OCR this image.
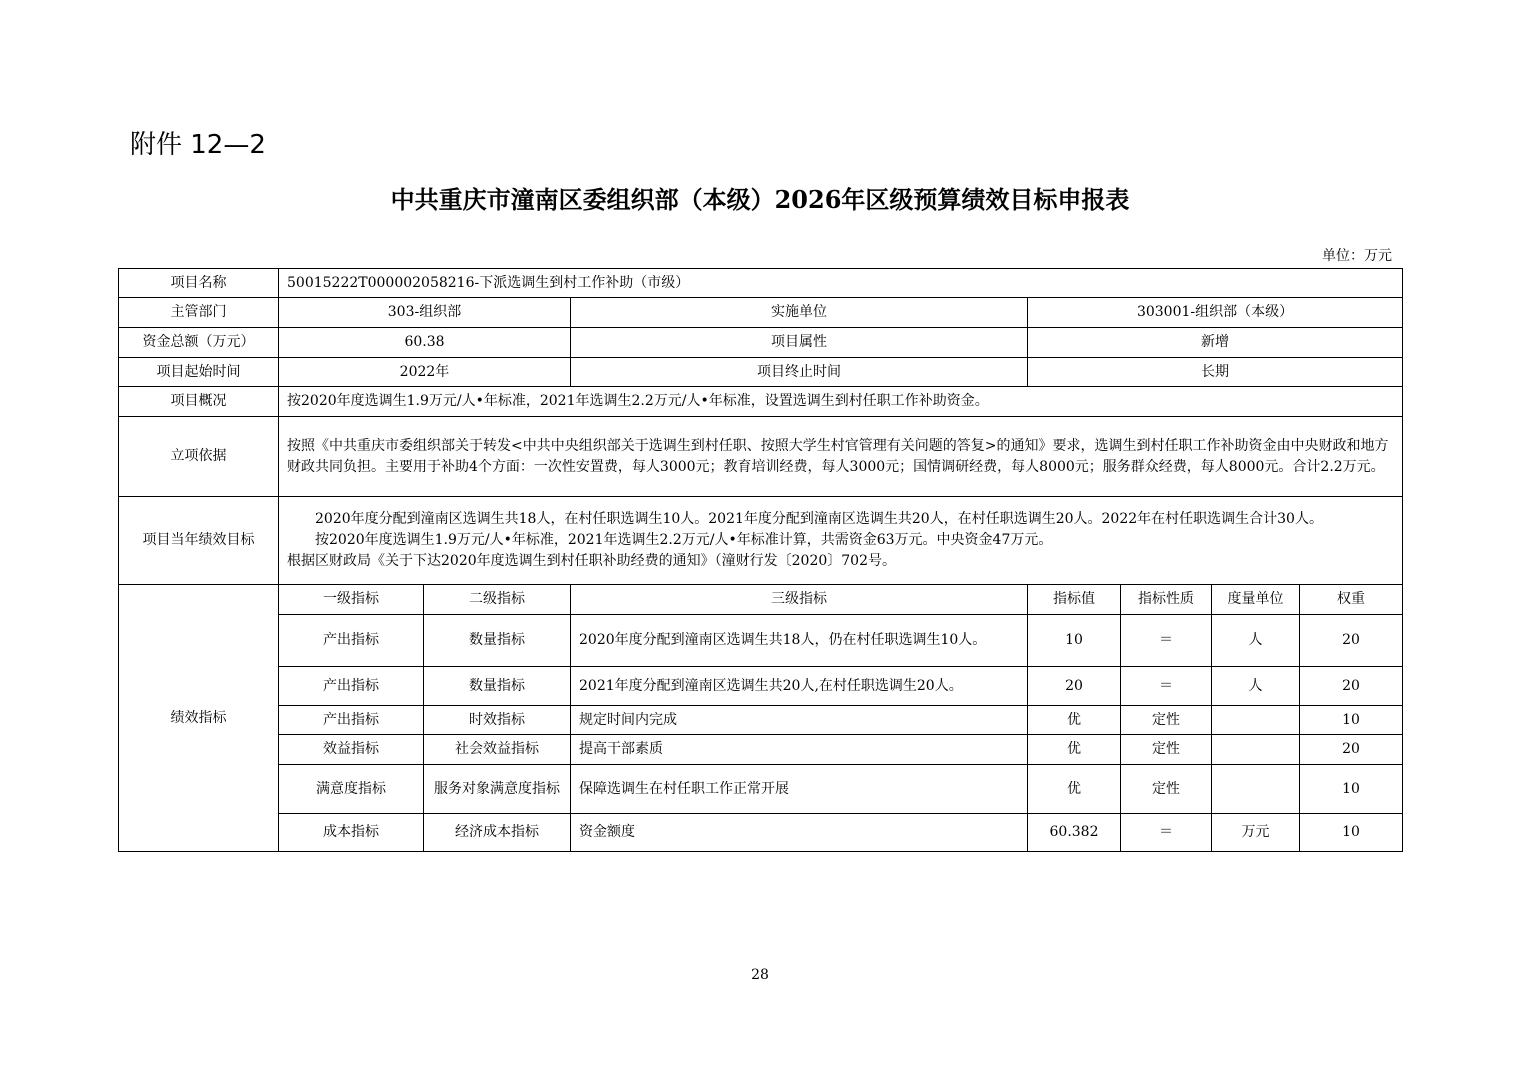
附件 12—2
中共重庆市潼南区委组织部（本级）2026年区级预算绩效目标申报表
单位：万元
项目名称	50015222T000002058216-下派选调生到村工作补助（市级）						
主管部门	303-组织部		实施单位	303001-组织部（本级）			
资金总额（万元）	60.38		项目属性	新增			
项目起始时间	2022年		项目终止时间	长期			
项目概况	按2020年度选调生1.9万元/人•年标准，2021年选调生2.2万元/人•年标准，设置选调生到村任职工作补助资金。						
立项依据	按照《中共重庆市委组织部关于转发<中共中央组织部关于选调生到村任职、按照大学生村官管理有关问题的答复>的通知》要求，选调生到村任职工作补助资金由中央财政和地方财政共同负担。主要用于补助4个方面：一次性安置费，每人3000元；教育培训经费，每人3000元；国情调研经费，每人8000元；服务群众经费，每人8000元。合计2.2万元。						
项目当年绩效目标	2020年度分配到潼南区选调生共18人，在村任职选调生10人。2021年度分配到潼南区选调生共20人，在村任职选调生20人。2022年在村任职选调生合计30人。
按2020年度选调生1.9万元/人•年标准，2021年选调生2.2万元/人•年标准计算，共需资金63万元。中央资金47万元。
根据区财政局《关于下达2020年度选调生到村任职补助经费的通知》（潼财行发〔2020〕702号。						

绩效指标	一级指标	二级指标	三级指标	指标值	指标性质	度量单位	权重
	产出指标	数量指标	2020年度分配到潼南区选调生共18人，仍在村任职选调生10人。	10	＝	人	20
	产出指标	数量指标	2021年度分配到潼南区选调生共20人,在村任职选调生20人。	20	＝	人	20
	产出指标	时效指标	规定时间内完成	优	定性		10
	效益指标	社会效益指标	提高干部素质	优	定性		20
	满意度指标	服务对象满意度指标	保障选调生在村任职工作正常开展	优	定性		10
	成本指标	经济成本指标	资金额度	60.382	＝	万元	10
28
